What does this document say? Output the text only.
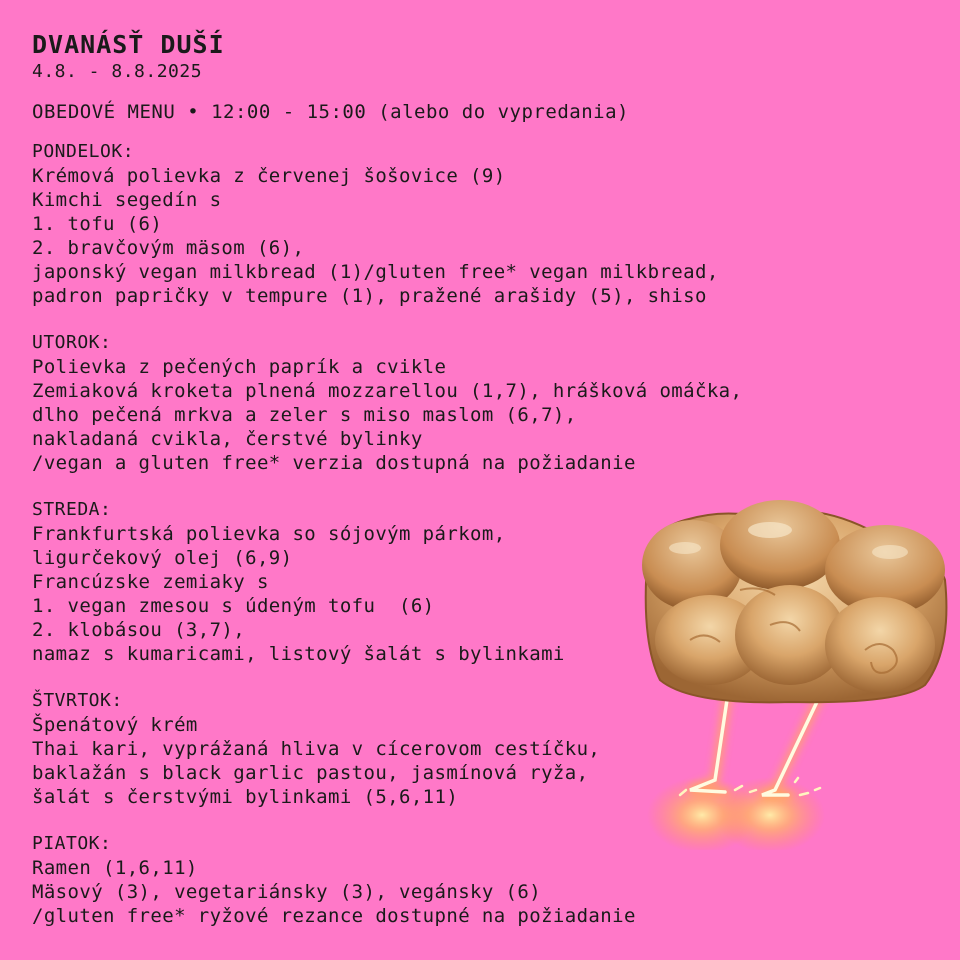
DVANÁSŤ DUŠÍ
4.8. - 8.8.2025
OBEDOVÉ MENU • 12:00 - 15:00 (alebo do vypredania)
PONDELOK:
Krémová polievka z červenej šošovice (9)
Kimchi segedín s
1. tofu (6)
2. bravčovým mäsom (6),
japonský vegan milkbread (1)/gluten free* vegan milkbread,
padron papričky v tempure (1), pražené arašidy (5), shiso
UTOROK:
Polievka z pečených paprík a cvikle
Zemiaková kroketa plnená mozzarellou (1,7), hrášková omáčka,
dlho pečená mrkva a zeler s miso maslom (6,7),
nakladaná cvikla, čerstvé bylinky
/vegan a gluten free* verzia dostupná na požiadanie
STREDA:
Frankfurtská polievka so sójovým párkom,
ligurčekový olej (6,9)
Francúzske zemiaky s
1. vegan zmesou s údeným tofu  (6)
2. klobásou (3,7),
namaz s kumaricami, listový šalát s bylinkami
ŠTVRTOK:
Špenátový krém
Thai kari, vyprážaná hliva v cícerovom cestíčku,
baklažán s black garlic pastou, jasmínová ryža,
šalát s čerstvými bylinkami (5,6,11)
PIATOK:
Ramen (1,6,11)
Mäsový (3), vegetariánsky (3), vegánsky (6)
/gluten free* ryžové rezance dostupné na požiadanie
